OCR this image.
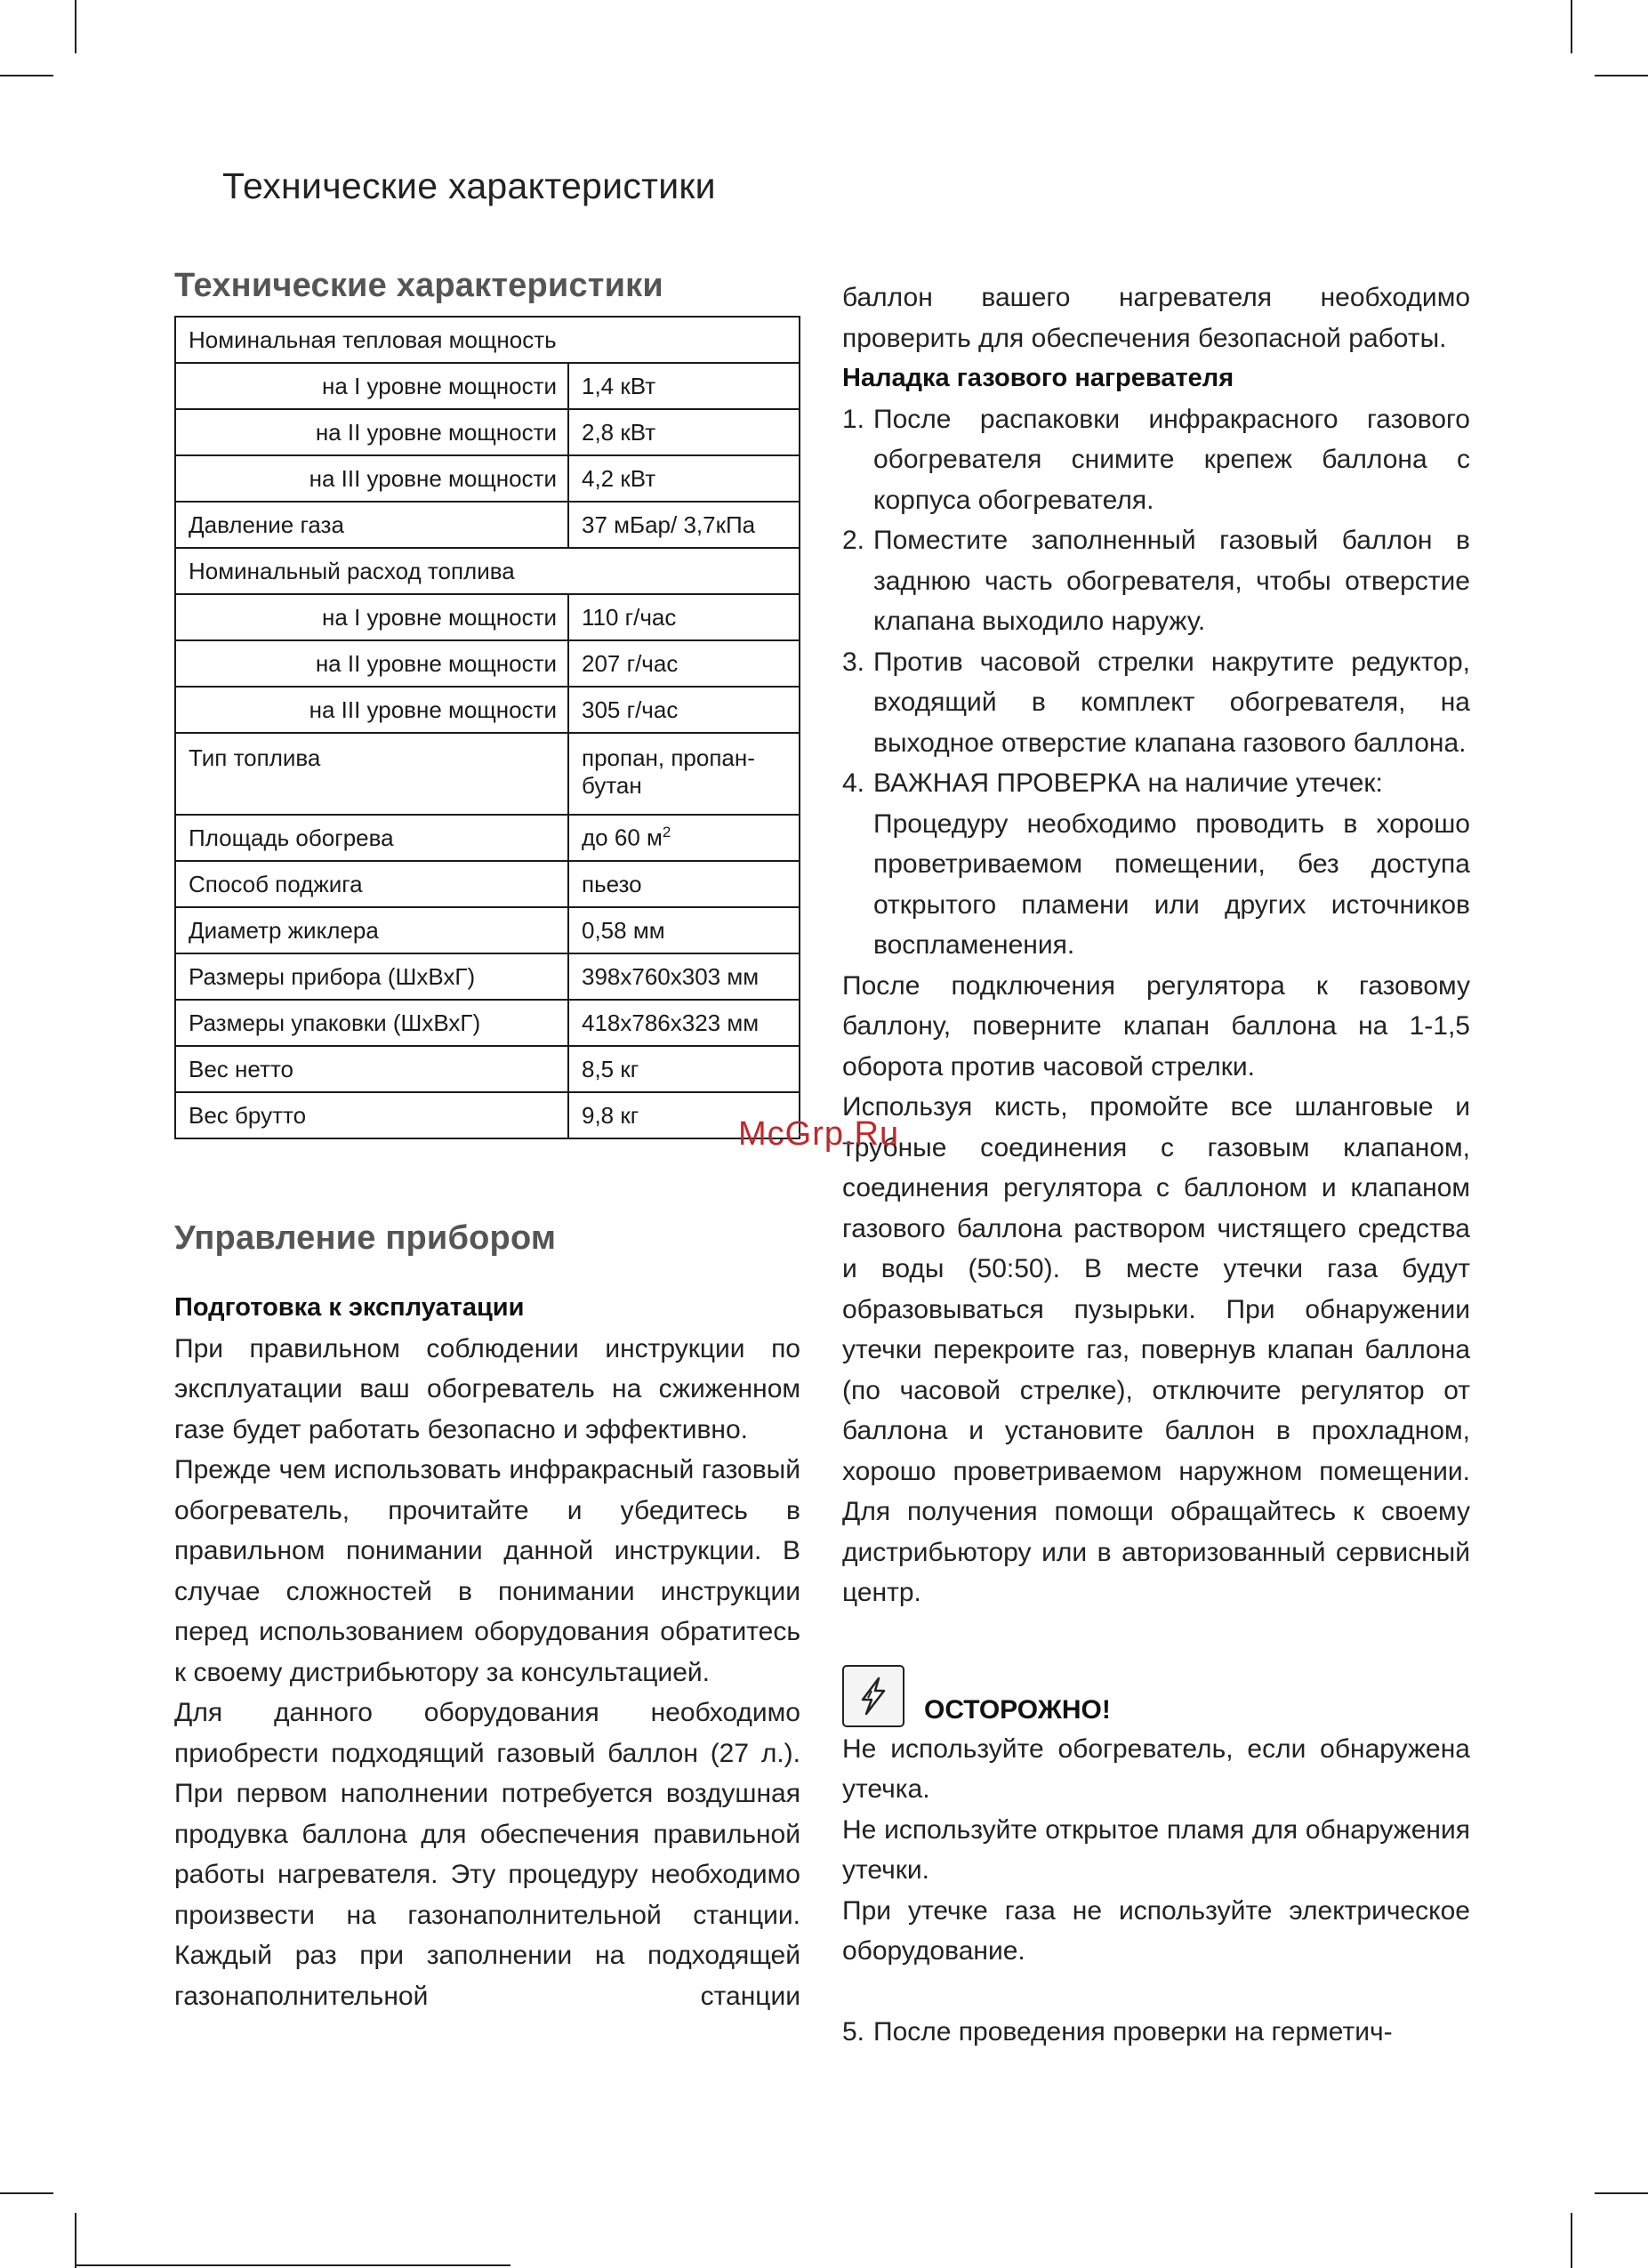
Технические характеристики
Технические характеристики
Номинальная тепловая мощность	
на I уровне мощности	1,4 кВт
на II уровне мощности	2,8 кВт
на III уровне мощности	4,2 кВт
Давление газа	37 мБар/ 3,7кПа
Номинальный расход топлива	
на I уровне мощности	110 г/час
на II уровне мощности	207 г/час
на III уровне мощности	305 г/час
Тип топлива	пропан, пропан-бутан
Площадь обогрева	до 60 $м^2$
Способ поджига	пьезо
Диаметр жиклера	0,58 мм
Размеры прибора (ШхВхГ)	398x760x303 мм
Размеры упаковки (ШхВхГ)	418x786x323 мм
Вес нетто	8,5 кг
Вес брутто	9,8 кг
Управление прибором
Подготовка к эксплуатации

При правильном соблюдении инструкции по эксплуатации ваш обогреватель на сжиженном газе будет работать безопасно и эффективно.

Прежде чем использовать инфракрасный газовый обогреватель, прочитайте и убедитесь в правильном понимании данной инструкции. В случае сложностей в понимании инструкции перед использованием оборудования обратитесь к своему дистрибьютору за консультацией.

Для данного оборудования необходимо приобрести подходящий газовый баллон (27 л.). При первом наполнении потребуется воздушная продувка баллона для обеспечения правильной работы нагревателя. Эту процедуру необходимо произвести на газонаполнительной станции. Каждый раз при заполнении на подходящей газонаполнительной станции

баллон вашего нагревателя необходимо проверить для обеспечения безопасной работы.

Наладка газового нагревателя
1. После распаковки инфракрасного газового обогревателя снимите крепеж баллона с корпуса обогревателя.
2. Поместите заполненный газовый баллон в заднюю часть обогревателя, чтобы отверстие клапана выходило наружу.
3. Против часовой стрелки накрутите редуктор, входящий в комплект обогревателя, на выходное отверстие клапана газового баллона.
4. ВАЖНАЯ ПРОВЕРКА на наличие утечек:
Процедуру необходимо проводить в хорошо проветриваемом помещении, без доступа открытого пламени или других источников воспламенения.

После подключения регулятора к газовому баллону, поверните клапан баллона на 1-1,5 оборота против часовой стрелки.

Используя кисть, промойте все шланговые и трубные соединения с газовым клапаном, соединения регулятора с баллоном и клапаном газового баллона раствором чистящего средства и воды (50:50). В месте утечки газа будут образовываться пузырьки. При обнаружении утечки перекроите газ, повернув клапан баллона (по часовой стрелке), отключите регулятор от баллона и установите баллон в прохладном, хорошо проветриваемом наружном помещении. Для получения помощи обращайтесь к своему дистрибьютору или в авторизованный сервисный центр.

ОСТОРОЖНО!

Не используйте обогреватель, если обнаружена утечка.

Не используйте открытое пламя для обнаружения утечки.

При утечке газа не используйте электрическое оборудование.

5. После проведения проверки на герметич-
McGrp.Ru
